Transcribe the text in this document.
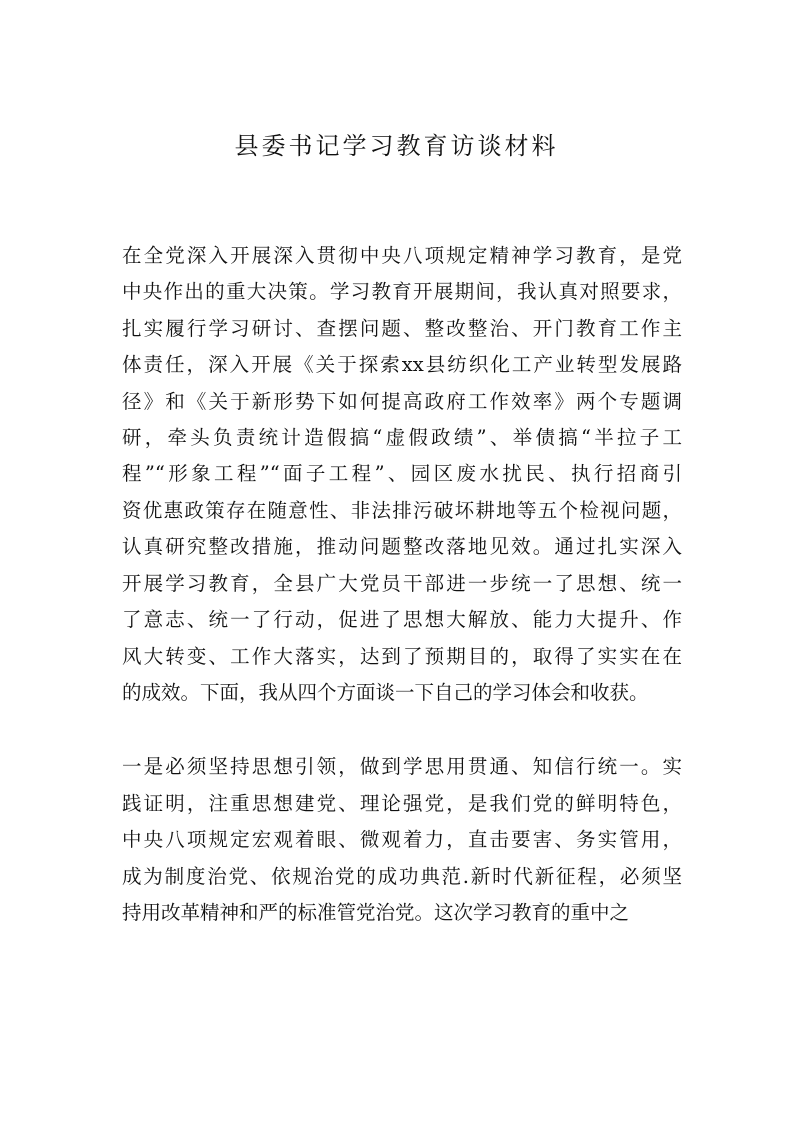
县委书记学习教育访谈材料
在全党深入开展深入贯彻中央八项规定精神学习教育，是党
中央作出的重大决策。学习教育开展期间，我认真对照要求，
扎实履行学习研讨、查摆问题、整改整治、开门教育工作主
体责任，深入开展《关于探索xx县纺织化工产业转型发展路
径》和《关于新形势下如何提高政府工作效率》两个专题调
研，牵头负责统计造假搞“虚假政绩”、举债搞“半拉子工
程”“形象工程”“面子工程”、园区废水扰民、执行招商引
资优惠政策存在随意性、非法排污破坏耕地等五个检视问题，
认真研究整改措施，推动问题整改落地见效。通过扎实深入
开展学习教育，全县广大党员干部进一步统一了思想、统一
了意志、统一了行动，促进了思想大解放、能力大提升、作
风大转变、工作大落实，达到了预期目的，取得了实实在在
的成效。下面，我从四个方面谈一下自己的学习体会和收获。
一是必须坚持思想引领，做到学思用贯通、知信行统一。实
践证明，注重思想建党、理论强党，是我们党的鲜明特色，
中央八项规定宏观着眼、微观着力，直击要害、务实管用，
成为制度治党、依规治党的成功典范.新时代新征程，必须坚
持用改革精神和严的标准管党治党。这次学习教育的重中之
